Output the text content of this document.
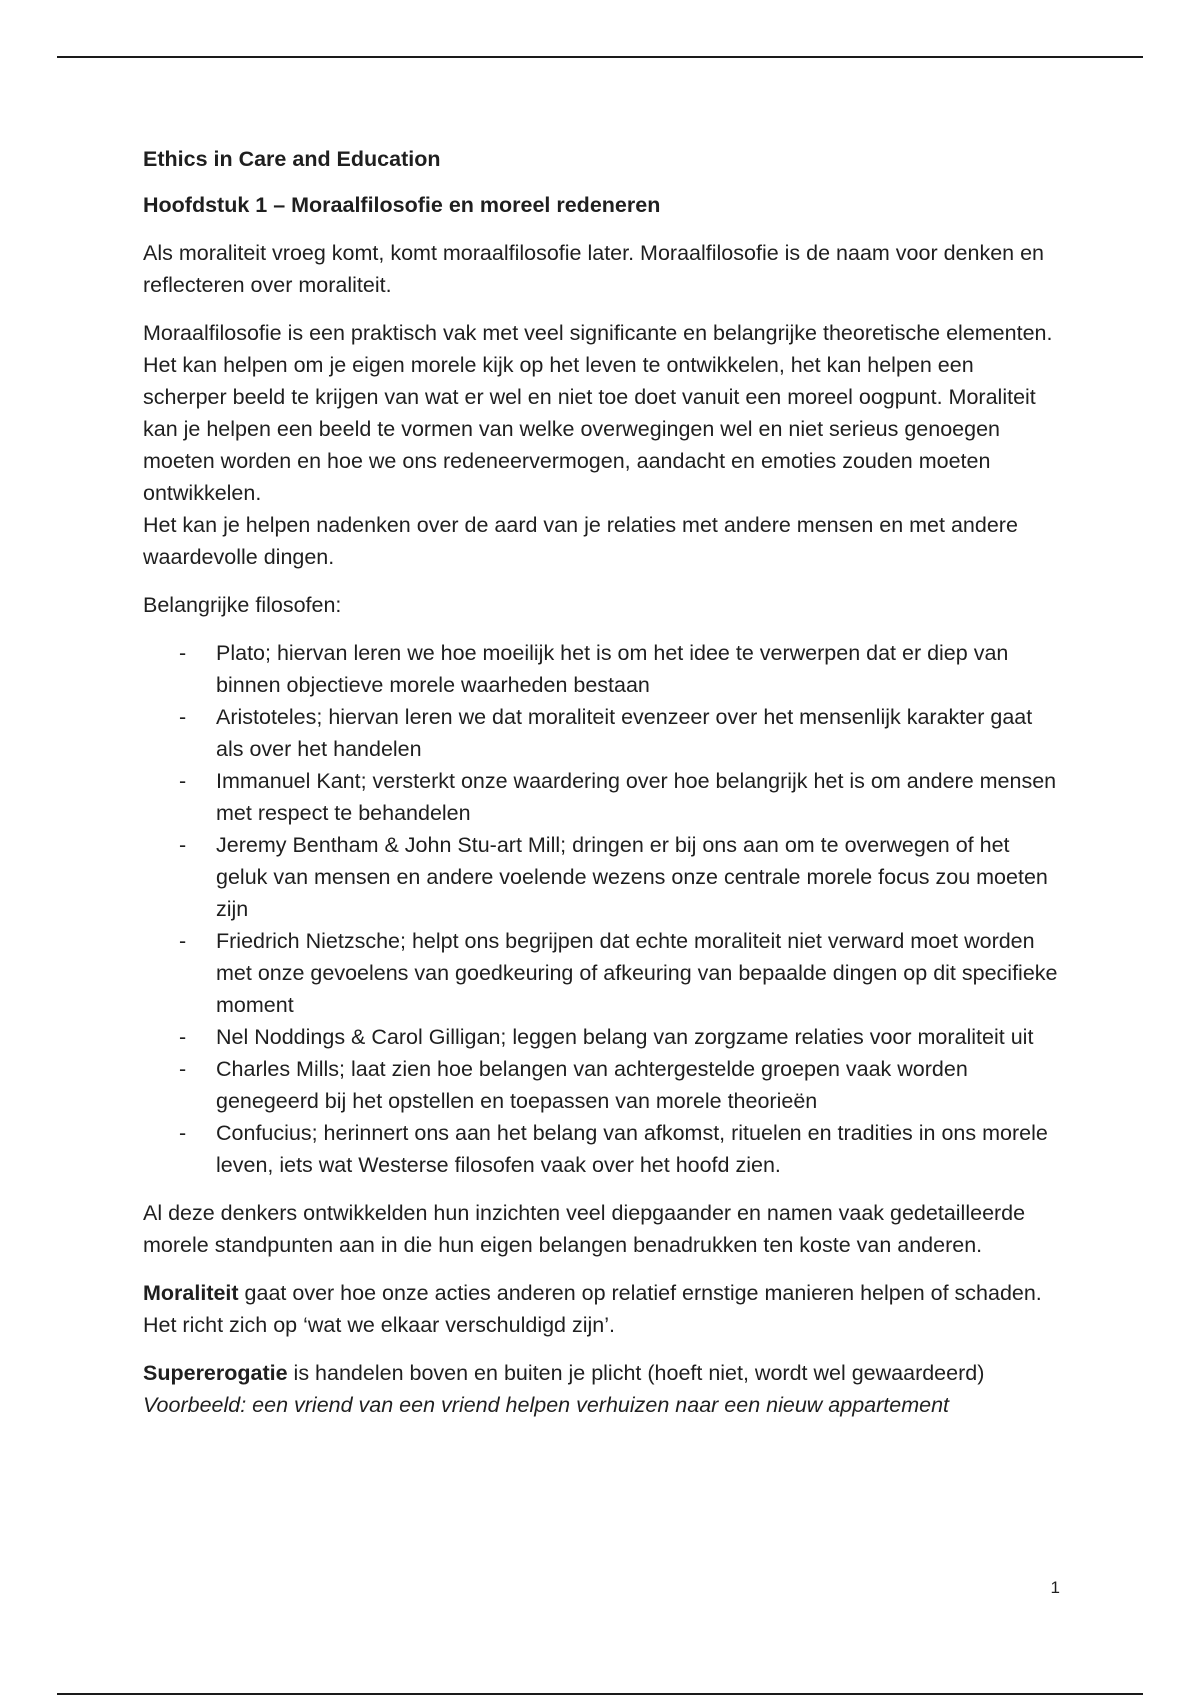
Ethics in Care and Education
Hoofdstuk 1 – Moraalfilosofie en moreel redeneren

Als moraliteit vroeg komt, komt moraalfilosofie later. Moraalfilosofie is de naam voor denken en reflecteren over moraliteit.

Moraalfilosofie is een praktisch vak met veel significante en belangrijke theoretische elementen. Het kan helpen om je eigen morele kijk op het leven te ontwikkelen, het kan helpen een scherper beeld te krijgen van wat er wel en niet toe doet vanuit een moreel oogpunt. Moraliteit kan je helpen een beeld te vormen van welke overwegingen wel en niet serieus genoegen moeten worden en hoe we ons redeneervermogen, aandacht en emoties zouden moeten ontwikkelen.
Het kan je helpen nadenken over de aard van je relaties met andere mensen en met andere waardevolle dingen.

Belangrijke filosofen:

- Plato; hiervan leren we hoe moeilijk het is om het idee te verwerpen dat er diep van binnen objectieve morele waarheden bestaan
- Aristoteles; hiervan leren we dat moraliteit evenzeer over het mensenlijk karakter gaat als over het handelen
- Immanuel Kant; versterkt onze waardering over hoe belangrijk het is om andere mensen met respect te behandelen
- Jeremy Bentham & John Stu-art Mill; dringen er bij ons aan om te overwegen of het geluk van mensen en andere voelende wezens onze centrale morele focus zou moeten zijn
- Friedrich Nietzsche; helpt ons begrijpen dat echte moraliteit niet verward moet worden met onze gevoelens van goedkeuring of afkeuring van bepaalde dingen op dit specifieke moment
- Nel Noddings & Carol Gilligan; leggen belang van zorgzame relaties voor moraliteit uit
- Charles Mills; laat zien hoe belangen van achtergestelde groepen vaak worden genegeerd bij het opstellen en toepassen van morele theorieën
- Confucius; herinnert ons aan het belang van afkomst, rituelen en tradities in ons morele leven, iets wat Westerse filosofen vaak over het hoofd zien.

Al deze denkers ontwikkelden hun inzichten veel diepgaander en namen vaak gedetailleerde morele standpunten aan in die hun eigen belangen benadrukken ten koste van anderen.

Moraliteit gaat over hoe onze acties anderen op relatief ernstige manieren helpen of schaden. Het richt zich op ‘wat we elkaar verschuldigd zijn’.

Supererogatie is handelen boven en buiten je plicht (hoeft niet, wordt wel gewaardeerd)
Voorbeeld: een vriend van een vriend helpen verhuizen naar een nieuw appartement

1
